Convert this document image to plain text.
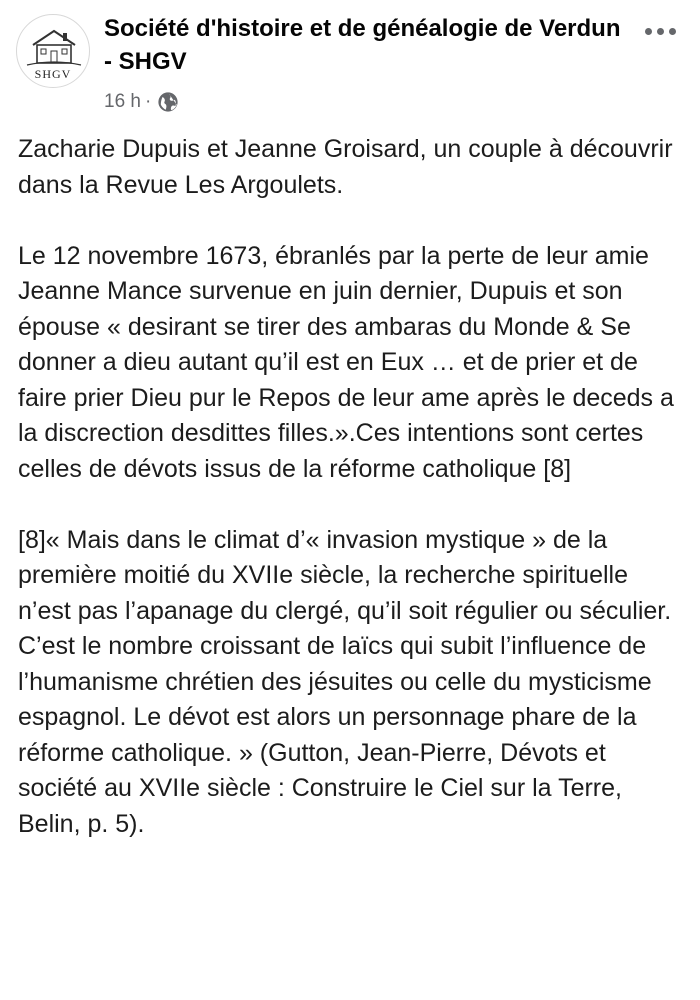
SHGV
Société d'histoire et de généalogie de Verdun - SHGV
16 h ·

Zacharie Dupuis et Jeanne Groisard, un couple à découvrir dans la Revue Les Argoulets.

Le 12 novembre 1673, ébranlés par la perte de leur amie Jeanne Mance survenue en juin dernier, Dupuis et son épouse « desirant se tirer des ambaras du Monde & Se donner a dieu autant qu’il est en Eux … et de prier et de faire prier Dieu pur le Repos de leur ame après le deceds a la discrection desdittes filles.».Ces intentions sont certes celles de dévots issus de la réforme catholique [8]

[8]« Mais dans le climat d’« invasion mystique » de la première moitié du XVIIe siècle, la recherche spirituelle n’est pas l’apanage du clergé, qu’il soit régulier ou séculier. C’est le nombre croissant de laïcs qui subit l’influence de l’humanisme chrétien des jésuites ou celle du mysticisme espagnol. Le dévot est alors un personnage phare de la réforme catholique. » (Gutton, Jean-Pierre, Dévots et société au XVIIe siècle : Construire le Ciel sur la Terre, Belin, p. 5).
